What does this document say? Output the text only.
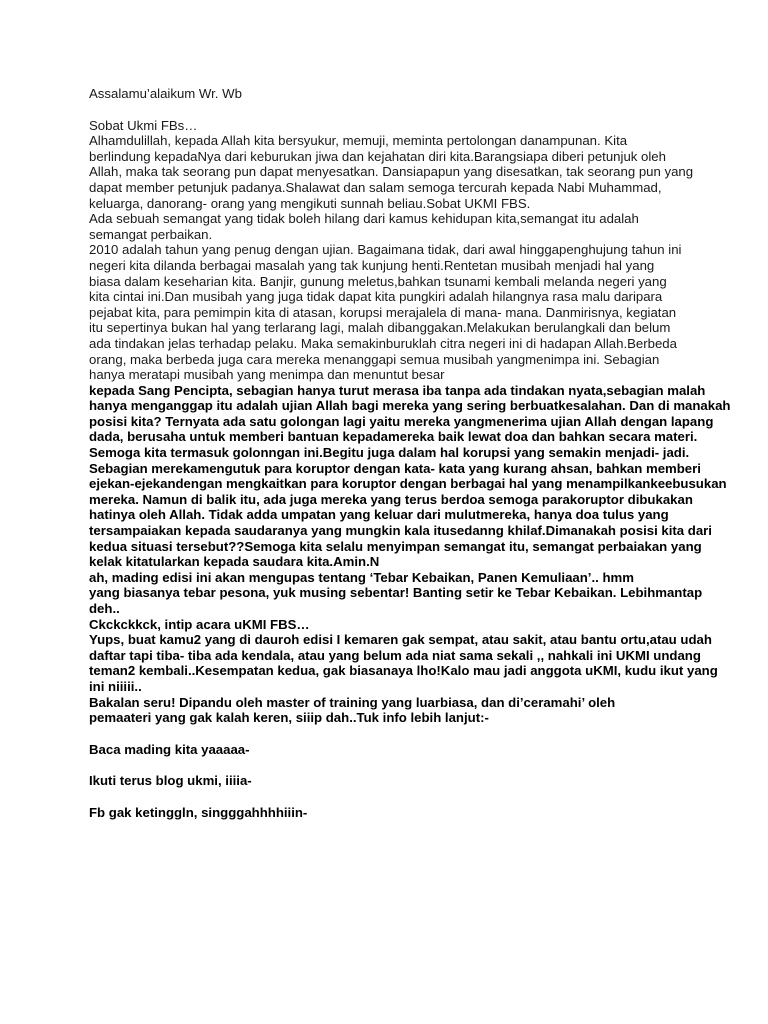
Assalamu’alaikum Wr. Wb

Sobat Ukmi FBs…

Alhamdulillah, kepada Allah kita bersyukur, memuji, meminta pertolongan danampunan. Kita

berlindung kepadaNya dari keburukan jiwa dan kejahatan diri kita.Barangsiapa diberi petunjuk oleh

Allah, maka tak seorang pun dapat menyesatkan. Dansiapapun yang disesatkan, tak seorang pun yang

dapat member petunjuk padanya.Shalawat dan salam semoga tercurah kepada Nabi Muhammad,

keluarga, danorang- orang yang mengikuti sunnah beliau.Sobat UKMI FBS.

Ada sebuah semangat yang tidak boleh hilang dari kamus kehidupan kita,semangat itu adalah

semangat perbaikan.

2010 adalah tahun yang penug dengan ujian. Bagaimana tidak, dari awal hinggapenghujung tahun ini

negeri kita dilanda berbagai masalah yang tak kunjung henti.Rentetan musibah menjadi hal yang

biasa dalam keseharian kita. Banjir, gunung meletus,bahkan tsunami kembali melanda negeri yang

kita cintai ini.Dan musibah yang juga tidak dapat kita pungkiri adalah hilangnya rasa malu daripara

pejabat kita, para pemimpin kita di atasan, korupsi merajalela di mana- mana. Danmirisnya, kegiatan

itu sepertinya bukan hal yang terlarang lagi, malah dibanggakan.Melakukan berulangkali dan belum

ada tindakan jelas terhadap pelaku. Maka semakinburuklah citra negeri ini di hadapan Allah.Berbeda

orang, maka berbeda juga cara mereka menanggapi semua musibah yangmenimpa ini. Sebagian

hanya meratapi musibah yang menimpa dan menuntut besar

kepada Sang Pencipta, sebagian hanya turut merasa iba tanpa ada tindakan nyata,sebagian malah

hanya menganggap itu adalah ujian Allah bagi mereka yang sering berbuatkesalahan. Dan di manakah

posisi kita? Ternyata ada satu golongan lagi yaitu mereka yangmenerima ujian Allah dengan lapang

dada, berusaha untuk memberi bantuan kepadamereka baik lewat doa dan bahkan secara materi.

Semoga kita termasuk golonngan ini.Begitu juga dalam hal korupsi yang semakin menjadi- jadi.

Sebagian merekamengutuk para koruptor dengan kata- kata yang kurang ahsan, bahkan memberi

ejekan-ejekandengan mengkaitkan para koruptor dengan berbagai hal yang menampilkankeebusukan

mereka. Namun di balik itu, ada juga mereka yang terus berdoa semoga parakoruptor dibukakan

hatinya oleh Allah. Tidak adda umpatan yang keluar dari mulutmereka, hanya doa tulus yang

tersampaiakan kepada saudaranya yang mungkin kala itusedanng khilaf.Dimanakah posisi kita dari

kedua situasi tersebut??Semoga kita selalu menyimpan semangat itu, semangat perbaiakan yang

kelak kitatularkan kepada saudara kita.Amin.N

ah, mading edisi ini akan mengupas tentang ‘Tebar Kebaikan, Panen Kemuliaan’.. hmm

yang biasanya tebar pesona, yuk musing sebentar! Banting setir ke Tebar Kebaikan. Lebihmantap

deh..

Ckckckkck, intip acara uKMI FBS…

Yups, buat kamu2 yang di dauroh edisi I kemaren gak sempat, atau sakit, atau bantu ortu,atau udah

daftar tapi tiba- tiba ada kendala, atau yang belum ada niat sama sekali ,, nahkali ini UKMI undang

teman2 kembali..Kesempatan kedua, gak biasanaya lho!Kalo mau jadi anggota uKMI, kudu ikut yang

ini niiiii..

Bakalan seru! Dipandu oleh master of training yang luarbiasa, dan di’ceramahi’ oleh

pemaateri yang gak kalah keren, siiip dah..Tuk info lebih lanjut:-

Baca mading kita yaaaaa-

Ikuti terus blog ukmi, iiiia-

Fb gak ketinggln, singggahhhhiiin-
